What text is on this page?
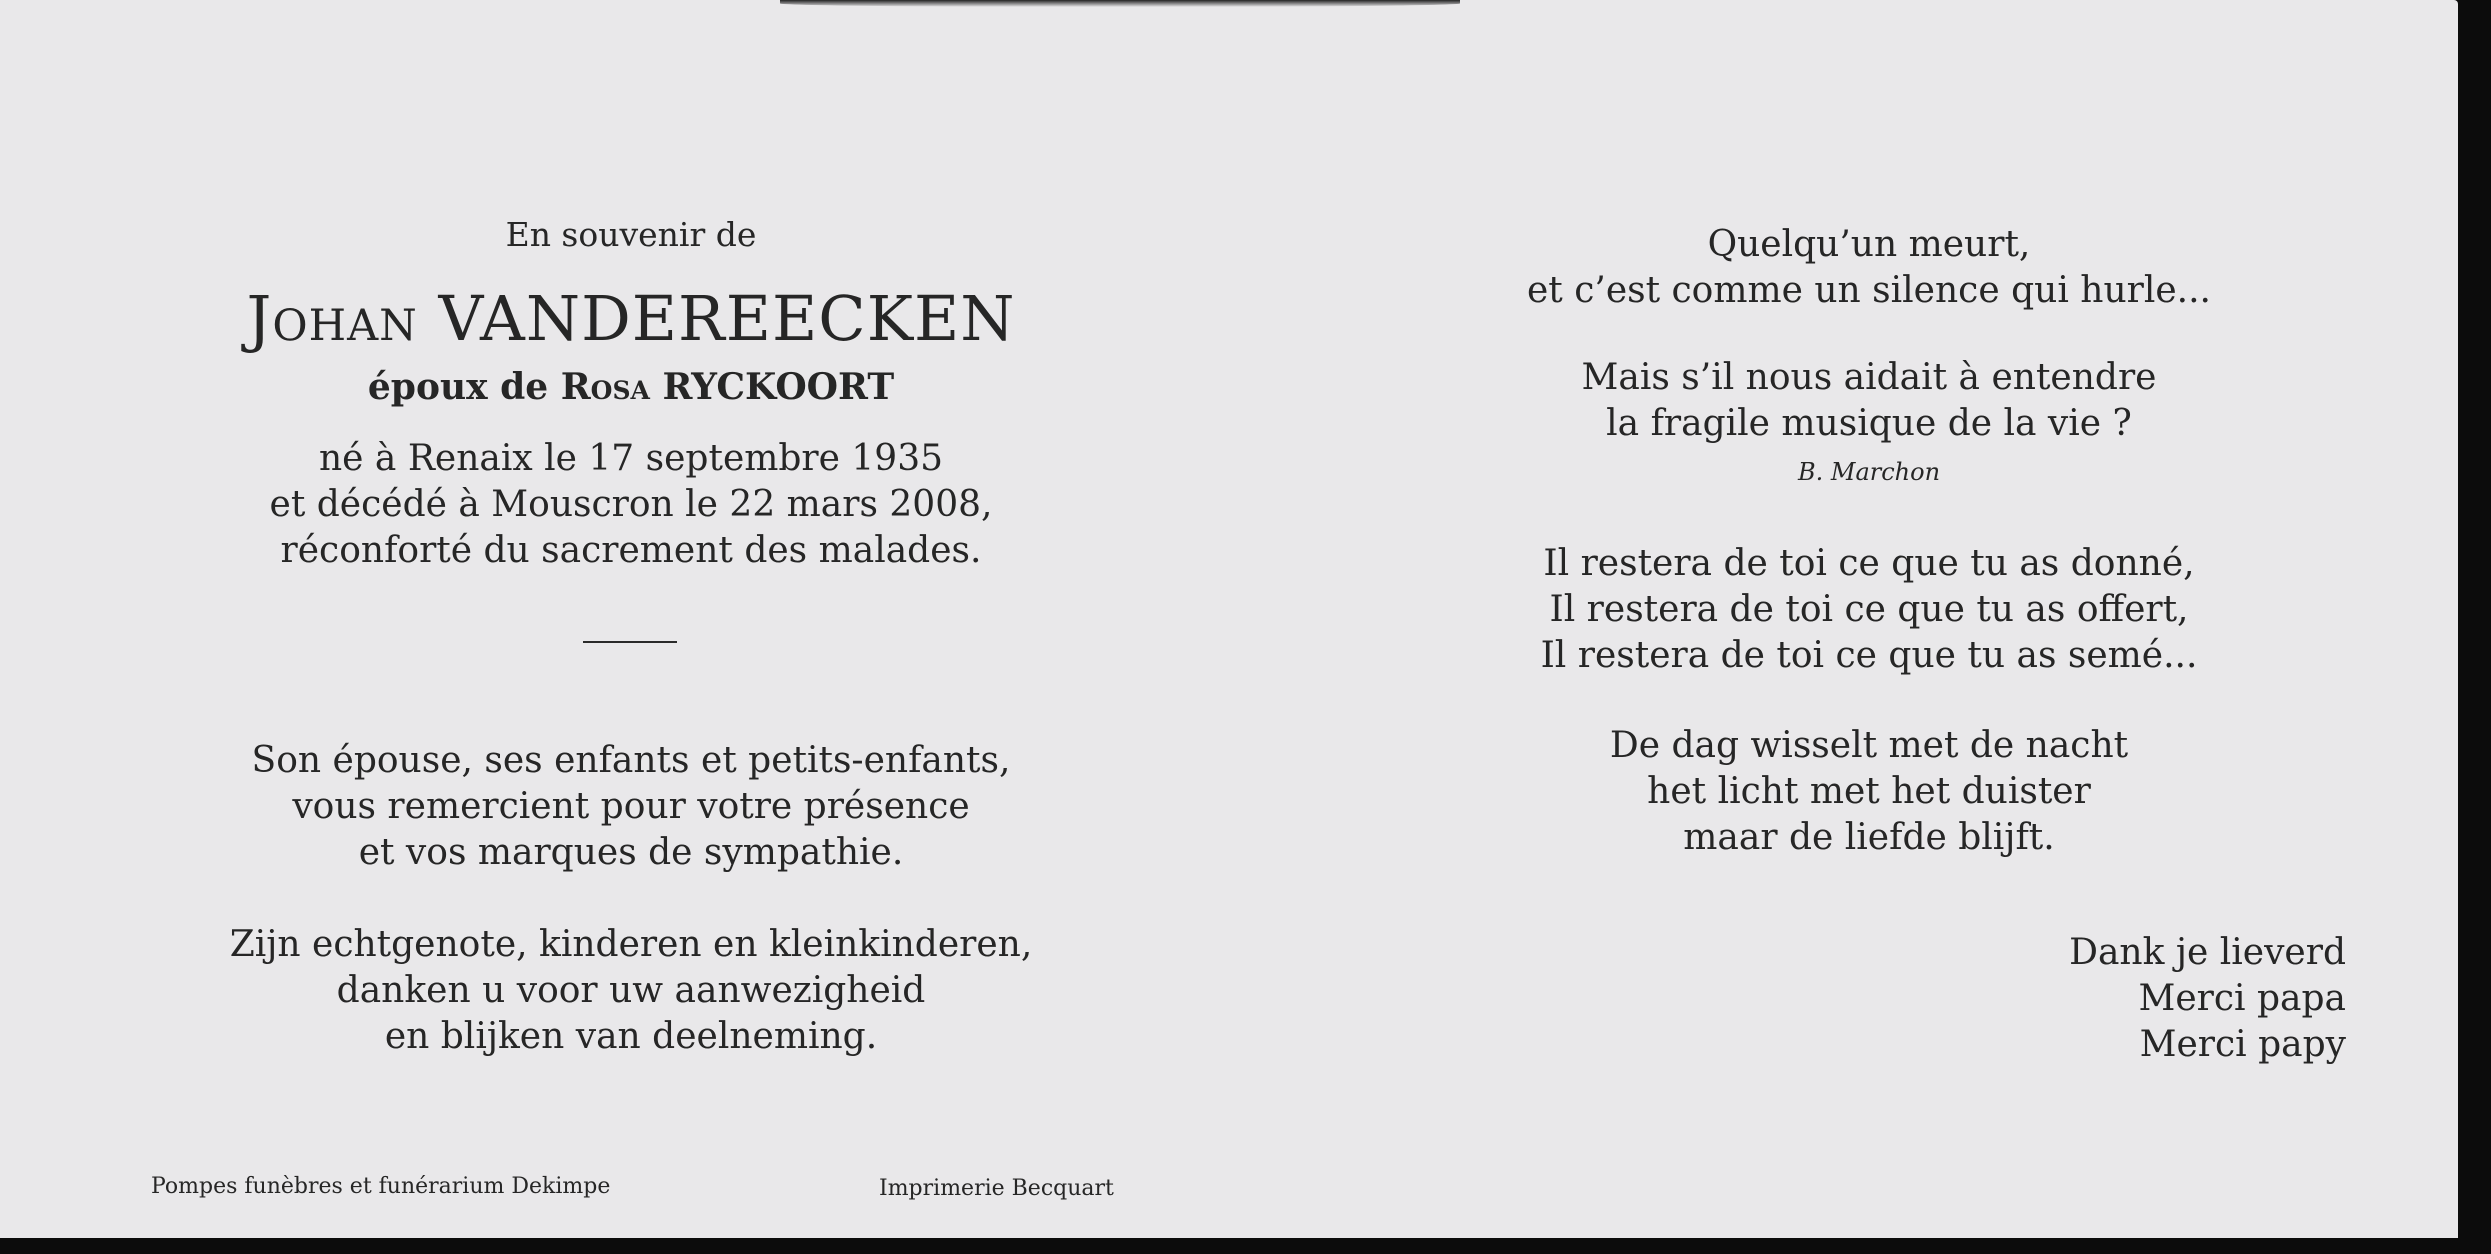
En souvenir de
Johan VANDEREECKEN
époux de Rosa RYCKOORT
né à Renaix le 17 septembre 1935
et décédé à Mouscron le 22 mars 2008,
réconforté du sacrement des malades.
Son épouse, ses enfants et petits-enfants,
vous remercient pour votre présence
et vos marques de sympathie.
Zijn echtgenote, kinderen en kleinkinderen,
danken u voor uw aanwezigheid
en blijken van deelneming.
Pompes funèbres et funérarium Dekimpe	Imprimerie Becquart
Quelqu’un meurt,
et c’est comme un silence qui hurle...
Mais s’il nous aidait à entendre
la fragile musique de la vie ?
B. Marchon
Il restera de toi ce que tu as donné,
Il restera de toi ce que tu as offert,
Il restera de toi ce que tu as semé...
De dag wisselt met de nacht
het licht met het duister
maar de liefde blijft.
Dank je lieverd
Merci papa
Merci papy
